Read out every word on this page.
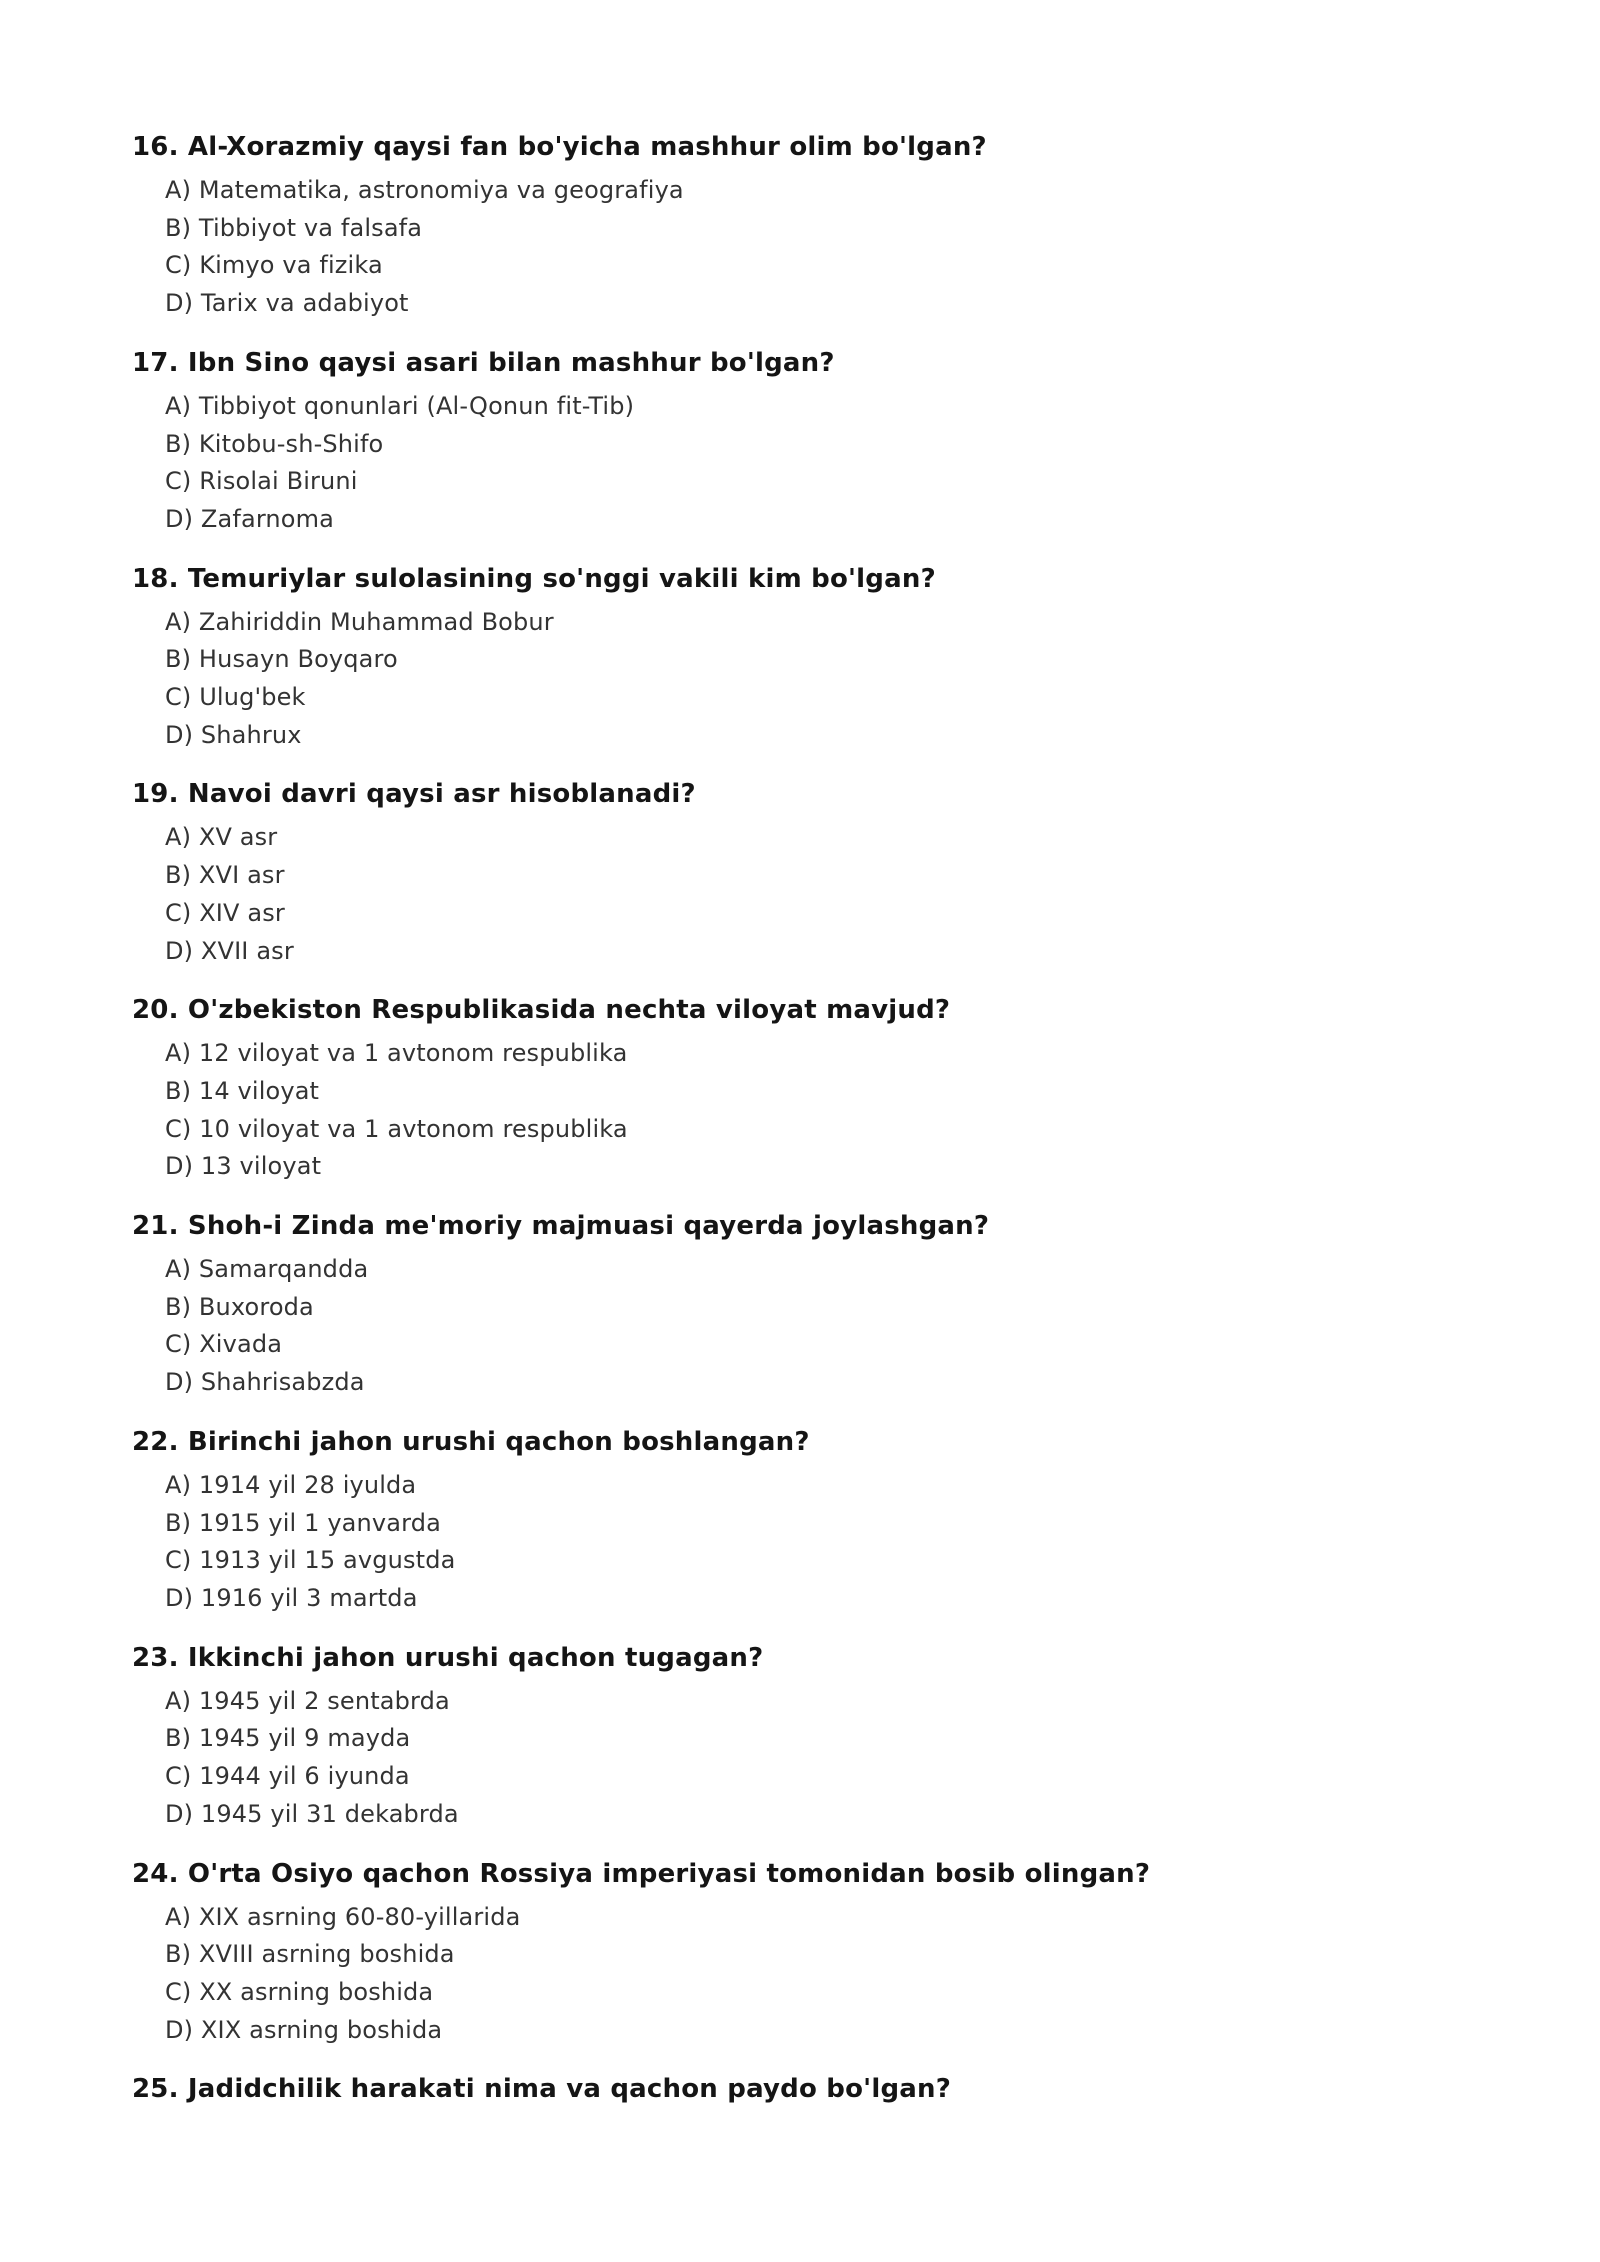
16. Al-Xorazmiy qaysi fan bo'yicha mashhur olim bo'lgan?
A) Matematika, astronomiya va geografiya
B) Tibbiyot va falsafa
C) Kimyo va fizika
D) Tarix va adabiyot
17. Ibn Sino qaysi asari bilan mashhur bo'lgan?
A) Tibbiyot qonunlari (Al-Qonun fit-Tib)
B) Kitobu-sh-Shifo
C) Risolai Biruni
D) Zafarnoma
18. Temuriylar sulolasining so'nggi vakili kim bo'lgan?
A) Zahiriddin Muhammad Bobur
B) Husayn Boyqaro
C) Ulug'bek
D) Shahrux
19. Navoi davri qaysi asr hisoblanadi?
A) XV asr
B) XVI asr
C) XIV asr
D) XVII asr
20. O'zbekiston Respublikasida nechta viloyat mavjud?
A) 12 viloyat va 1 avtonom respublika
B) 14 viloyat
C) 10 viloyat va 1 avtonom respublika
D) 13 viloyat
21. Shoh-i Zinda me'moriy majmuasi qayerda joylashgan?
A) Samarqandda
B) Buxoroda
C) Xivada
D) Shahrisabzda
22. Birinchi jahon urushi qachon boshlangan?
A) 1914 yil 28 iyulda
B) 1915 yil 1 yanvarda
C) 1913 yil 15 avgustda
D) 1916 yil 3 martda
23. Ikkinchi jahon urushi qachon tugagan?
A) 1945 yil 2 sentabrda
B) 1945 yil 9 mayda
C) 1944 yil 6 iyunda
D) 1945 yil 31 dekabrda
24. O'rta Osiyo qachon Rossiya imperiyasi tomonidan bosib olingan?
A) XIX asrning 60-80-yillarida
B) XVIII asrning boshida
C) XX asrning boshida
D) XIX asrning boshida
25. Jadidchilik harakati nima va qachon paydo bo'lgan?
